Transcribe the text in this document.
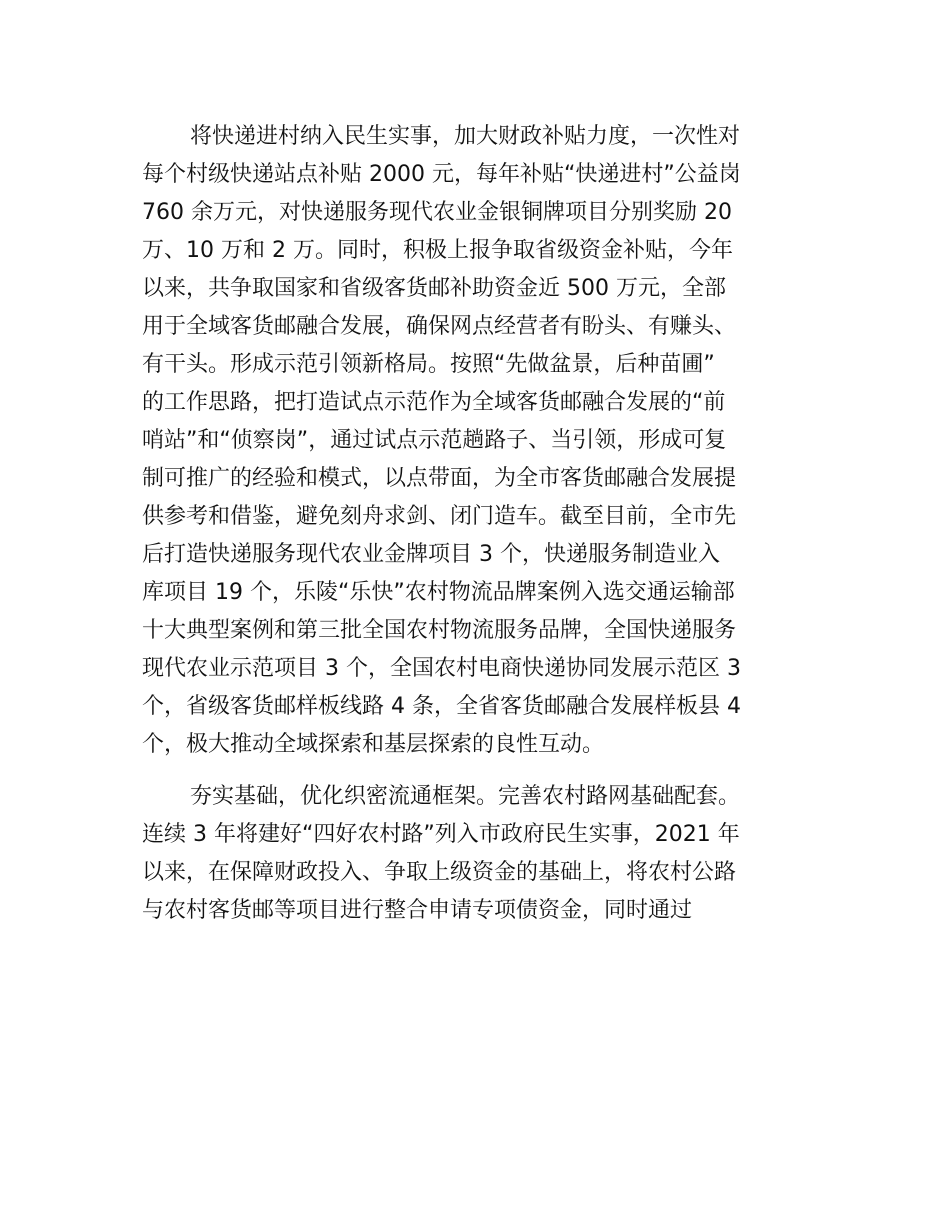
将快递进村纳入民生实事，加大财政补贴力度，一次性对
每个村级快递站点补贴 2000 元，每年补贴“快递进村”公益岗
760 余万元，对快递服务现代农业金银铜牌项目分别奖励 20
万、10 万和 2 万。同时，积极上报争取省级资金补贴，今年
以来，共争取国家和省级客货邮补助资金近 500 万元，全部
用于全域客货邮融合发展，确保网点经营者有盼头、有赚头、
有干头。形成示范引领新格局。按照“先做盆景，后种苗圃”
的工作思路，把打造试点示范作为全域客货邮融合发展的“前
哨站”和“侦察岗”，通过试点示范趟路子、当引领，形成可复
制可推广的经验和模式，以点带面，为全市客货邮融合发展提
供参考和借鉴，避免刻舟求剑、闭门造车。截至目前，全市先
后打造快递服务现代农业金牌项目 3 个，快递服务制造业入
库项目 19 个，乐陵“乐快”农村物流品牌案例入选交通运输部
十大典型案例和第三批全国农村物流服务品牌，全国快递服务
现代农业示范项目 3 个，全国农村电商快递协同发展示范区 3
个，省级客货邮样板线路 4 条，全省客货邮融合发展样板县 4
个，极大推动全域探索和基层探索的良性互动。
夯实基础，优化织密流通框架。完善农村路网基础配套。
连续 3 年将建好“四好农村路”列入市政府民生实事，2021 年
以来，在保障财政投入、争取上级资金的基础上，将农村公路
与农村客货邮等项目进行整合申请专项债资金，同时通过
